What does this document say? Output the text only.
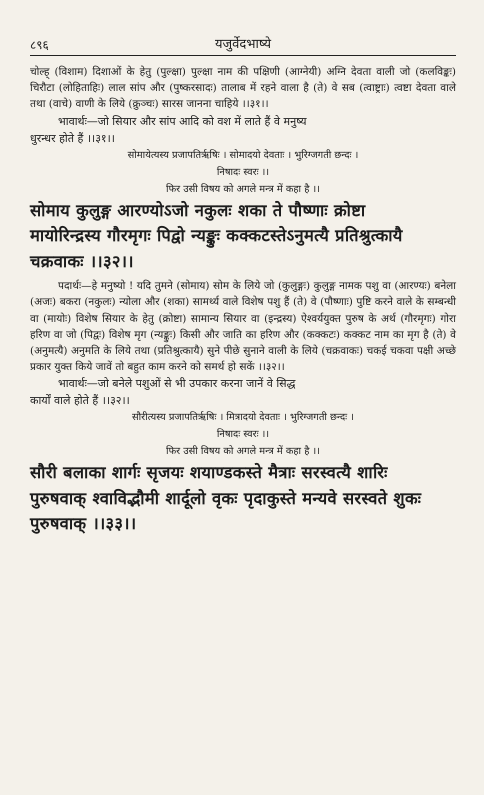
८९६	यजुर्वेदभाष्ये

चोल्ह् (विशाम) दिशाओं के हेतु (पुल्क्षा) पुल्क्षा नाम की पक्षिणी (आग्नेयी) अग्नि देवता वाली जो (कलविङ्कः) चिरौटा (लोहिताहिः) लाल सांप और (पुष्करसादः) तालाब में रहने वाला है (ते) वे सब (त्वाष्ट्राः) त्वष्टा देवता वाले तथा (वाचे) वाणी के लिये (क्रुञ्चः) सारस जानना चाहिये ।।३१।।

भावार्थः—जो सियार और सांप आदि को वश में लाते हैं वे मनुष्य

धुरन्धर होते हैं ।।३१।।

सोमायेत्यस्य प्रजापतिर्ऋषिः । सोमादयो देवताः । भुरिग्जगती छन्दः ।

निषादः स्वरः ।।

फिर उसी विषय को अगले मन्त्र में कहा है ।।

सोमाय कुलुङ्ग आरण्योऽजो नकुलः शका ते पौष्णाः क्रोष्टा

मायोरिन्द्रस्य गौरमृगः पिद्वो न्यङ्कुः कक्कटस्तेऽनुमत्यै प्रतिश्रुत्कायै

चक्रवाकः ।।३२।।

पदार्थः—हे मनुष्यो ! यदि तुमने (सोमाय) सोम के लिये जो (कुलुङ्गः) कुलुङ्ग नामक पशु वा (आरण्यः) बनेला (अजः) बकरा (नकुलः) न्योला और (शका) सामर्थ्य वाले विशेष पशु हैं (ते) वे (पौष्णाः) पुष्टि करने वाले के सम्बन्धी वा (मायोः) विशेष सियार के हेतु (क्रोष्टा) सामान्य सियार वा (इन्द्रस्य) ऐश्वर्ययुक्त पुरुष के अर्थ (गौरमृगः) गोरा हरिण वा जो (पिद्वः) विशेष मृग (न्यङ्कुः) किसी और जाति का हरिण और (कक्कटः) कक्कट नाम का मृग है (ते) वे (अनुमत्यै) अनुमति के लिये तथा (प्रतिश्रुत्कायै) सुने पीछे सुनाने वाली के लिये (चक्रवाकः) चकई चकवा पक्षी अच्छे प्रकार युक्त किये जावें तो बहुत काम करने को समर्थ हो सकें ।।३२।।

भावार्थः—जो बनेले पशुओं से भी उपकार करना जानें वे सिद्ध

कार्यों वाले होते हैं ।।३२।।

सौरीत्यस्य प्रजापतिर्ऋषिः । मित्रादयो देवताः । भुरिग्जगती छन्दः ।

निषादः स्वरः ।।

फिर उसी विषय को अगले मन्त्र में कहा है ।।

सौरी बलाका शार्गः सृजयः शयाण्डकस्ते मैत्राः सरस्वत्यै शारिः

पुरुषवाक् श्वाविद्भौमी शार्दूलो वृकः पृदाकुस्ते मन्यवे सरस्वते शुकः

पुरुषवाक् ।।३३।।
